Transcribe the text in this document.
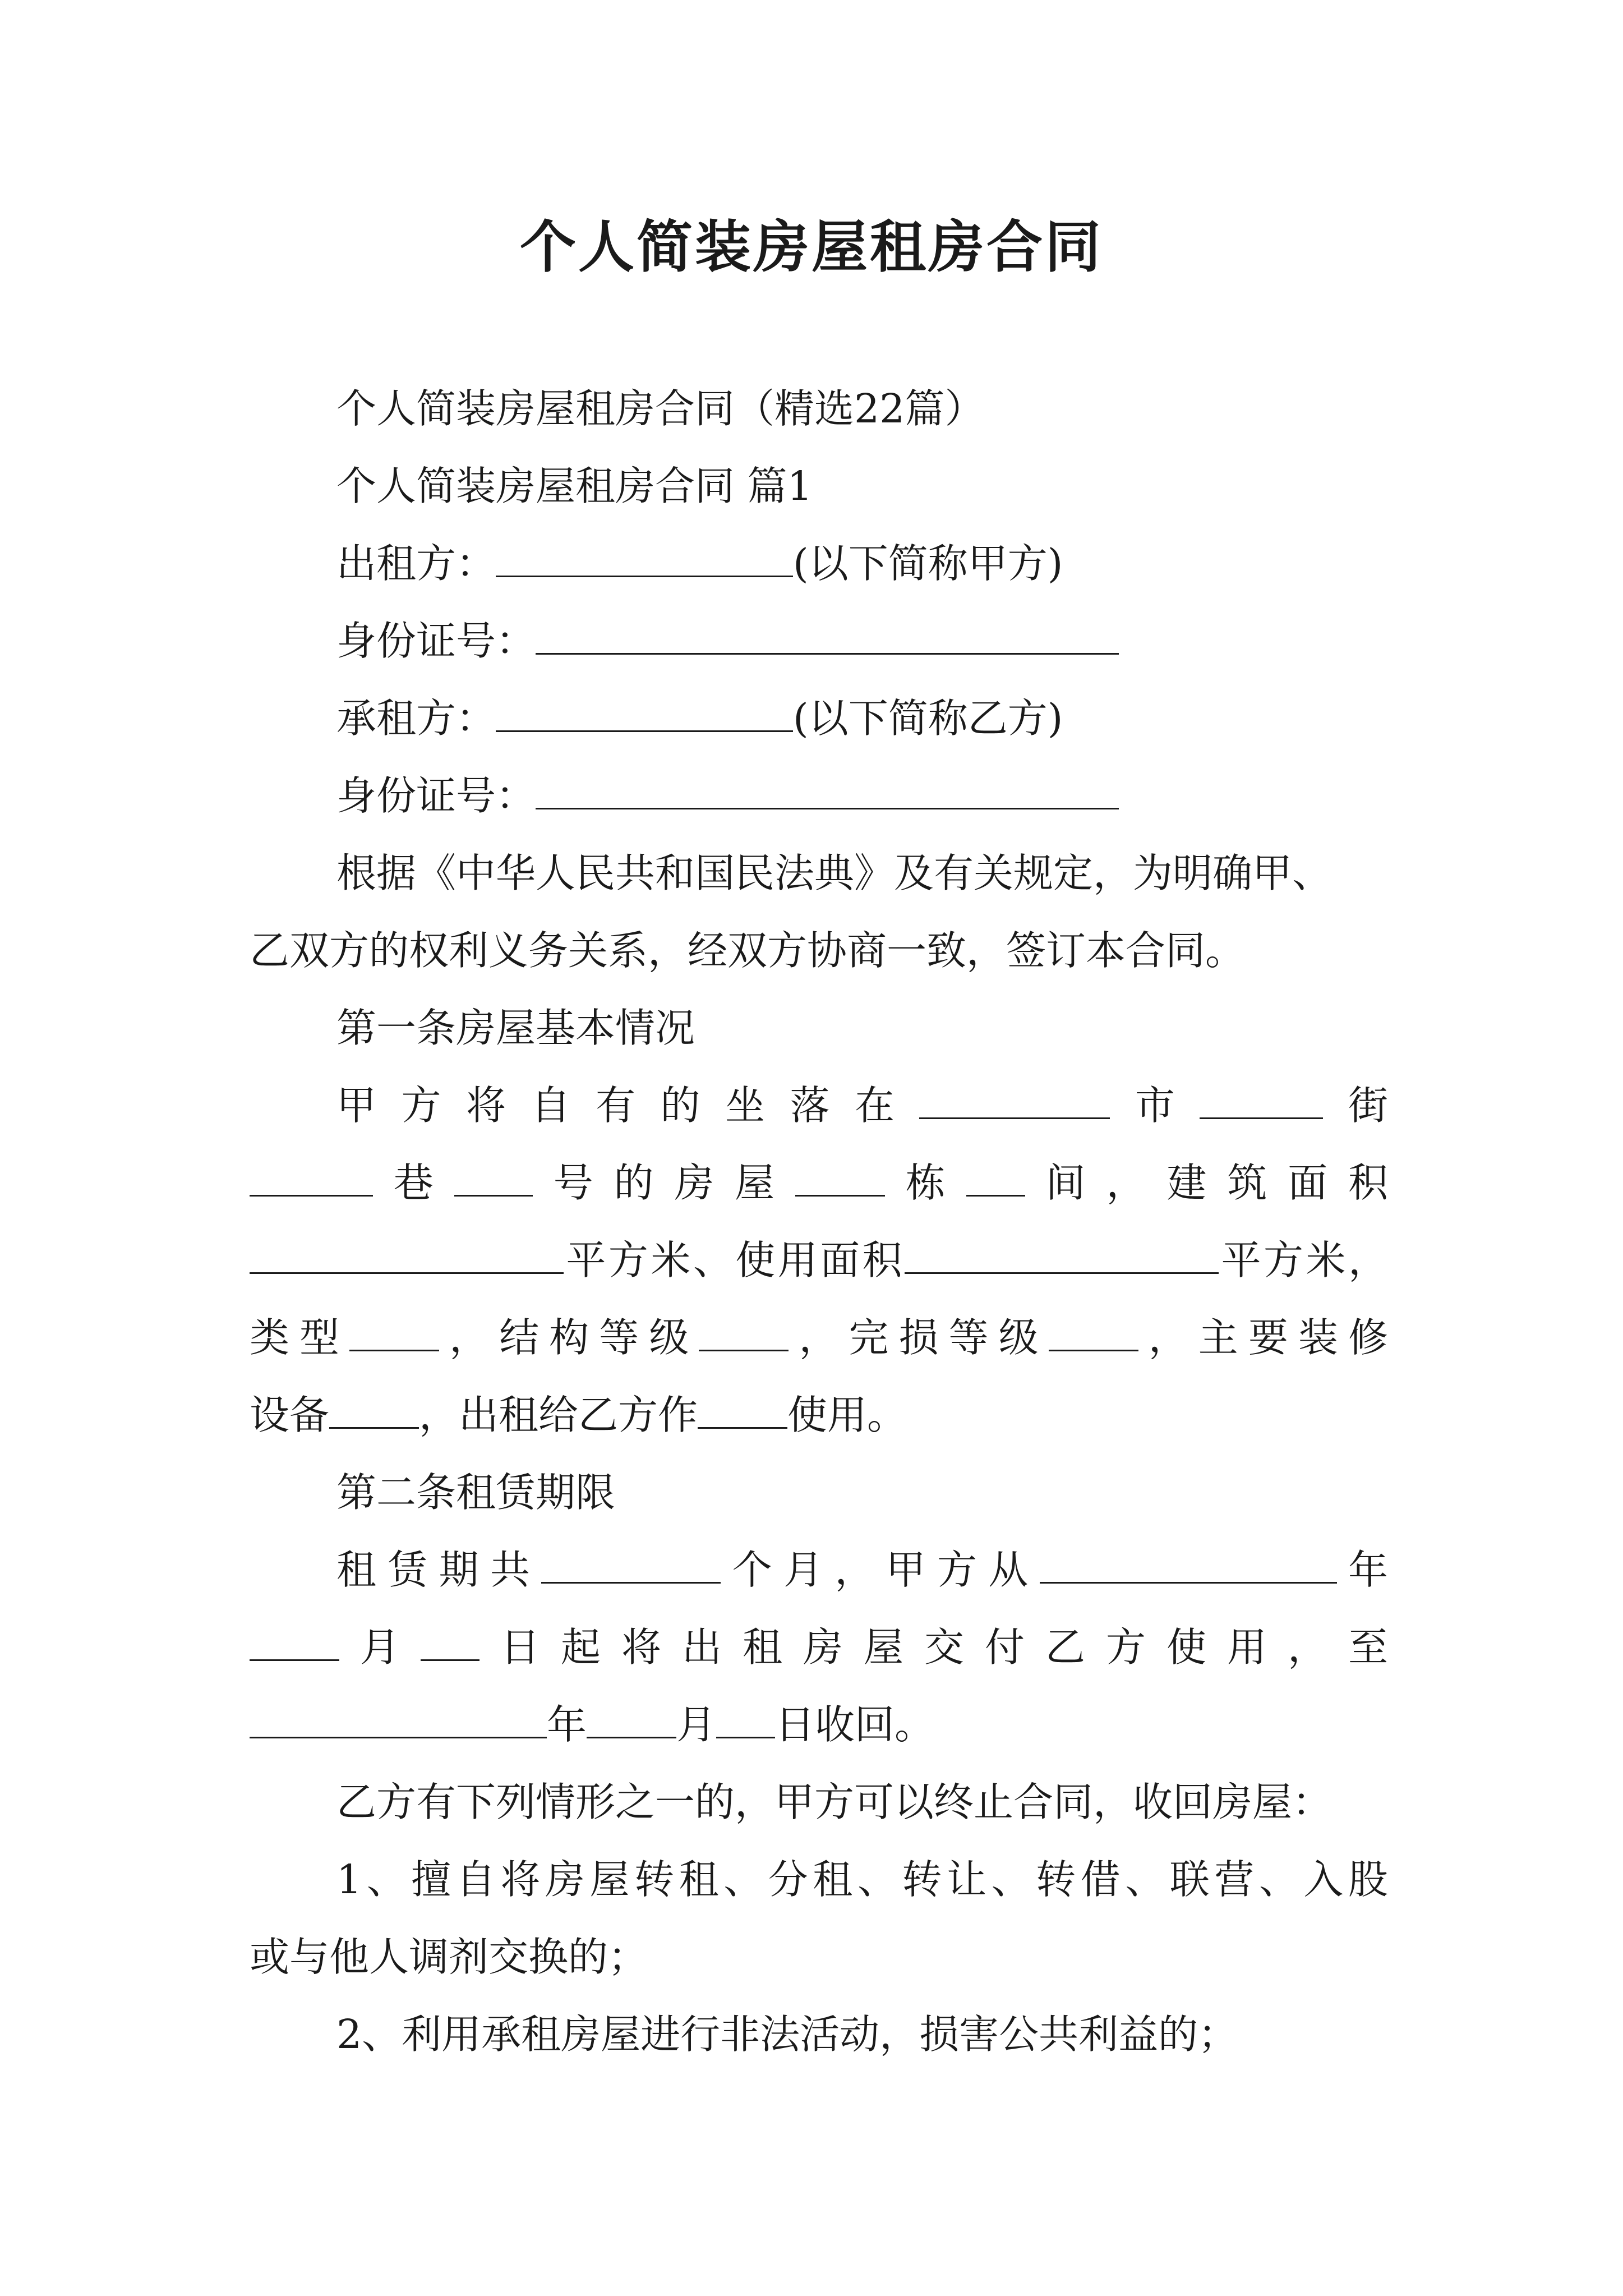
个人简装房屋租房合同
个人简装房屋租房合同（精选22篇）
个人简装房屋租房合同 篇1
出租方：	(以下简称甲方)
身份证号：
承租方：	(以下简称乙方)
身份证号：
根据《中华人民共和国民法典》及有关规定，为明确甲、
乙双方的权利义务关系，经双方协商一致，签订本合同。
第一条房屋基本情况
甲方将自有的坐落在	市	街
巷 号的房屋 栋 间，建筑面积
平方米、使用面积	平方米，
类型 ，结构等级 ，完损等级 ，主要装修
设备 ，出租给乙方作 使用。
第二条租赁期限
租赁期共	个月，甲方从	年
月 日起将出租房屋交付乙方使用，至
年 月 日收回。
乙方有下列情形之一的，甲方可以终止合同，收回房屋：
1、擅自将房屋转租、分租、转让、转借、联营、入股
或与他人调剂交换的；
2、利用承租房屋进行非法活动，损害公共利益的；
